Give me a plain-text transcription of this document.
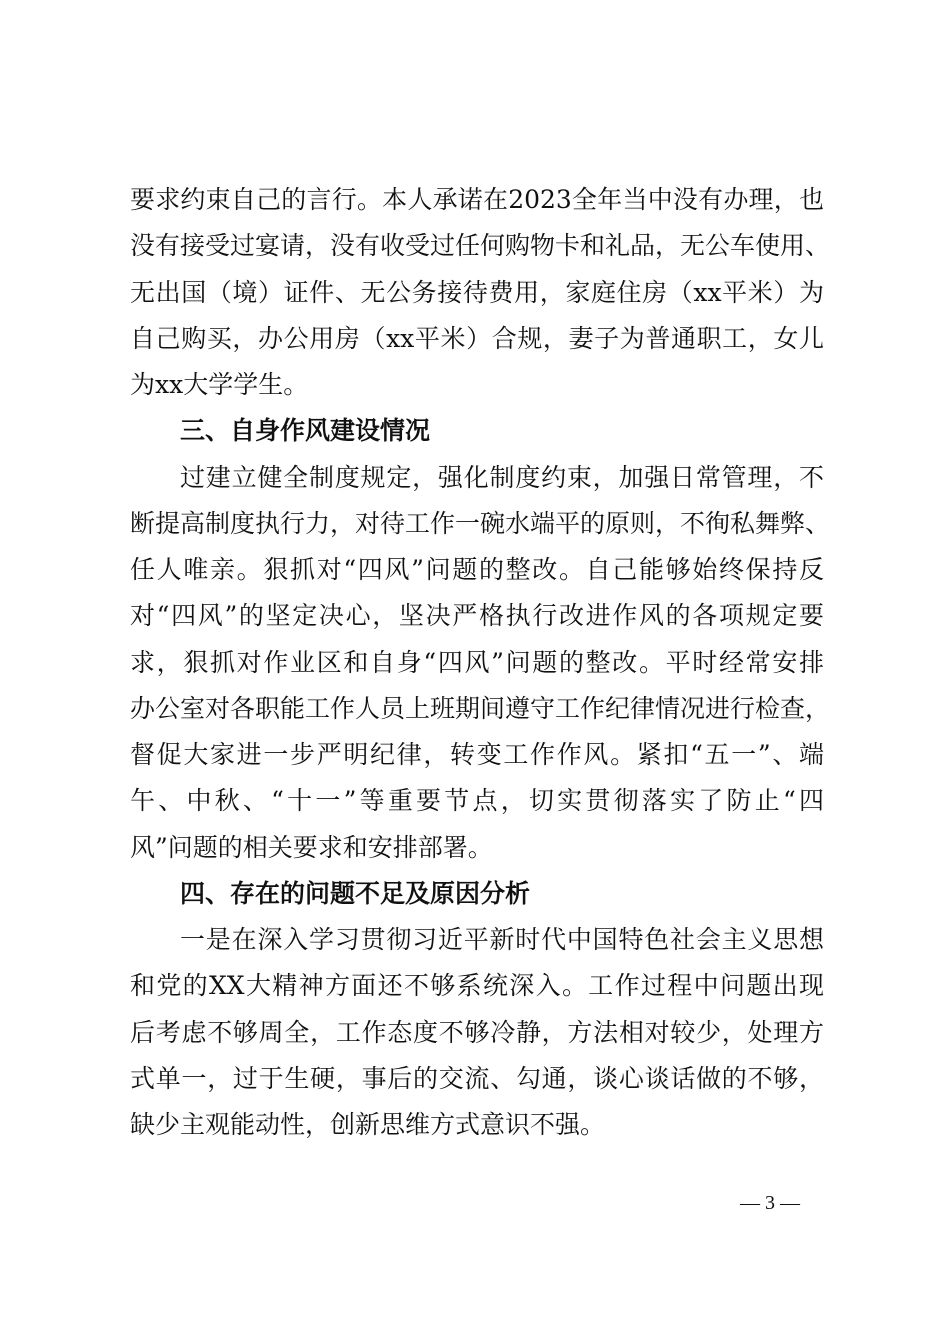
要求约束自己的言行。本人承诺在2023全年当中没有办理，也
没有接受过宴请，没有收受过任何购物卡和礼品，无公车使用、
无出国（境）证件、无公务接待费用，家庭住房（xx平米）为
自己购买，办公用房（xx平米）合规，妻子为普通职工，女儿
为xx大学学生。
三、自身作风建设情况
过建立健全制度规定，强化制度约束，加强日常管理，不
断提高制度执行力，对待工作一碗水端平的原则，不徇私舞弊、
任人唯亲。狠抓对“四风”问题的整改。自己能够始终保持反
对“四风”的坚定决心，坚决严格执行改进作风的各项规定要
求，狠抓对作业区和自身“四风”问题的整改。平时经常安排
办公室对各职能工作人员上班期间遵守工作纪律情况进行检查，
督促大家进一步严明纪律，转变工作作风。紧扣“五一”、端
午、中秋、“十一”等重要节点，切实贯彻落实了防止“四
风”问题的相关要求和安排部署。
四、存在的问题不足及原因分析
一是在深入学习贯彻习近平新时代中国特色社会主义思想
和党的XX大精神方面还不够系统深入。工作过程中问题出现
后考虑不够周全，工作态度不够冷静，方法相对较少，处理方
式单一，过于生硬，事后的交流、勾通，谈心谈话做的不够，
缺少主观能动性，创新思维方式意识不强。
— 3 —
